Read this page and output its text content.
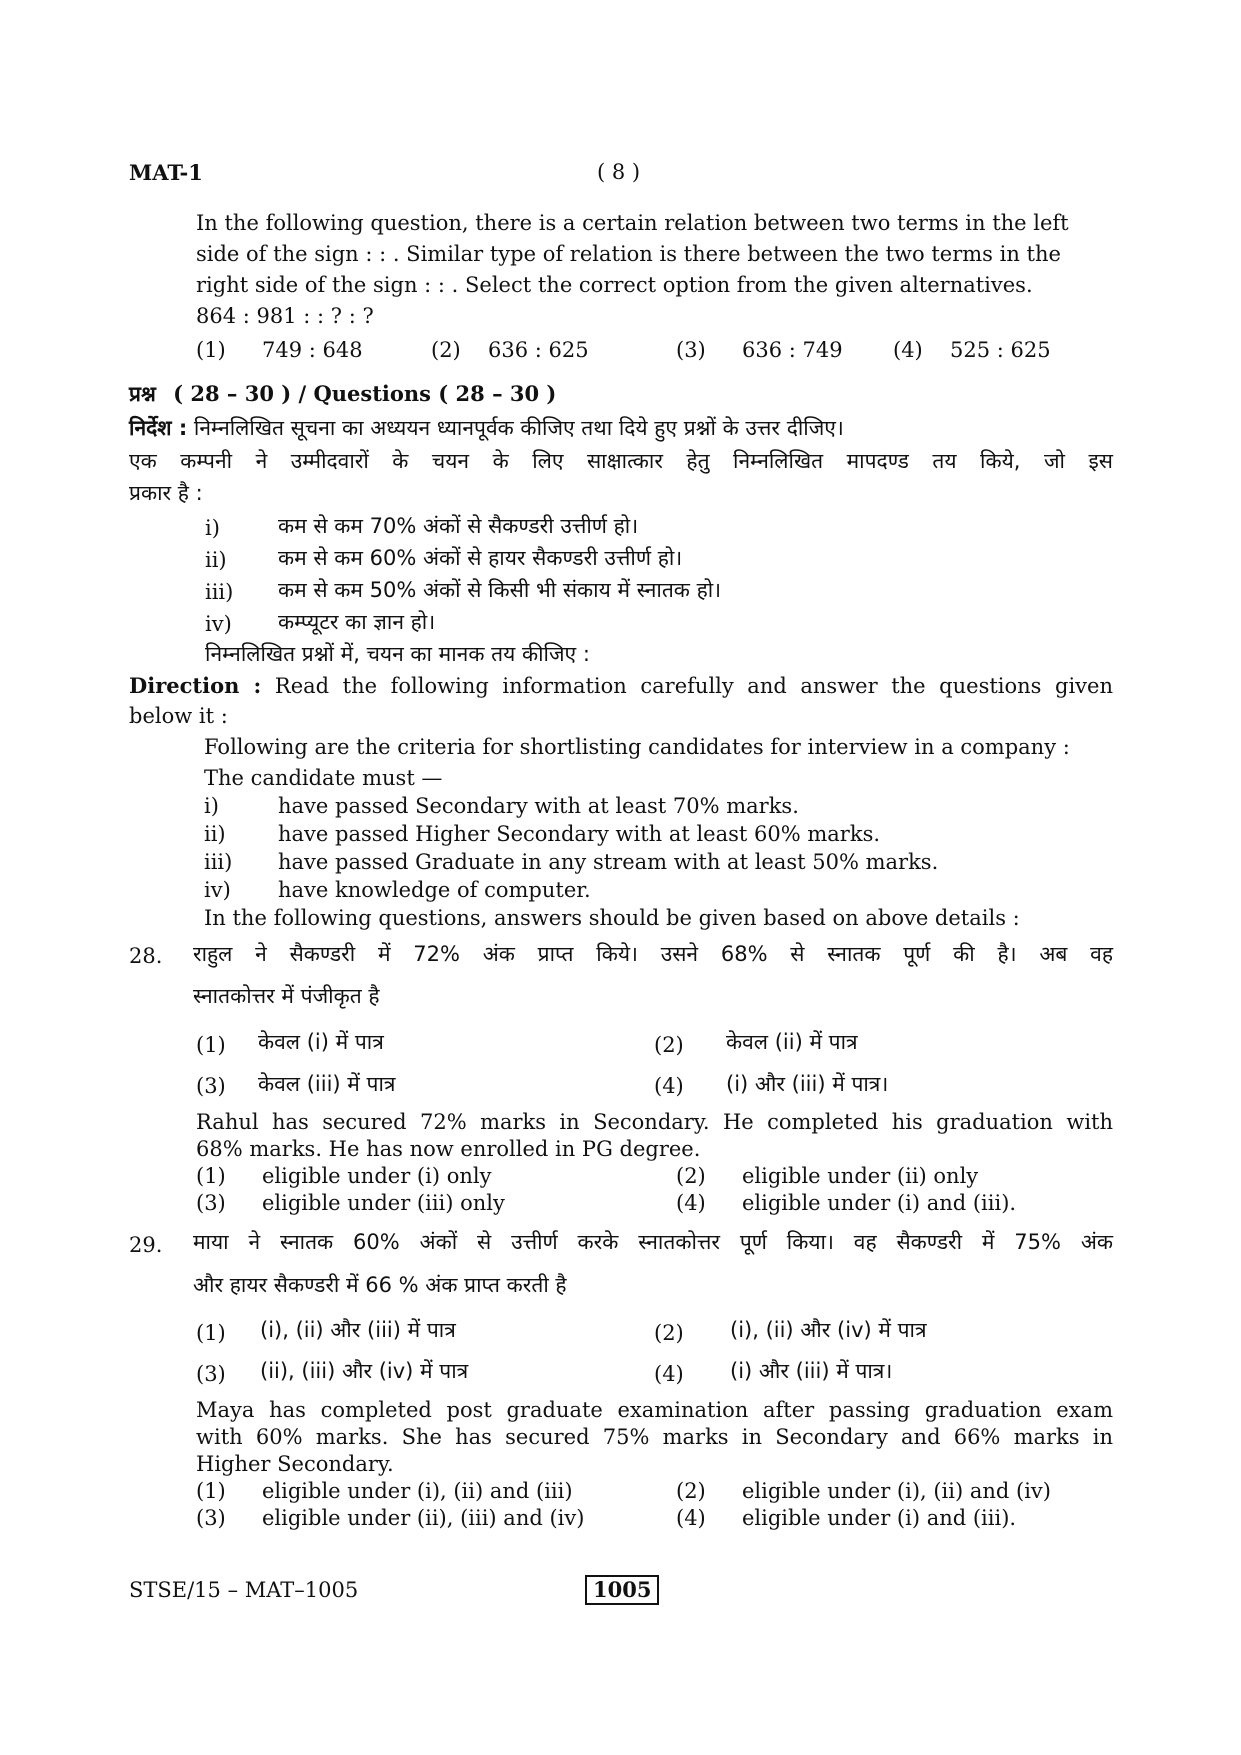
MAT-1	( 8 )
In the following question, there is a certain relation between two terms in the left
side of the sign : : . Similar type of relation is there between the two terms in the
right side of the sign : : . Select the correct option from the given alternatives.
864 : 981 : : ? : ?
(1) 749 : 648	(2) 636 : 625	(3) 636 : 749 (4) 525 : 625
प्रश्न ( 28 – 30 ) / Questions ( 28 – 30 )
निर्देश : निम्नलिखित सूचना का अध्ययन ध्यानपूर्वक कीजिए तथा दिये हुए प्रश्नों के उत्तर दीजिए।
एक कम्पनी ने उम्मीदवारों के चयन के लिए साक्षात्कार हेतु निम्नलिखित मापदण्ड तय किये, जो इस
प्रकार है :
i)	कम से कम 70% अंकों से सैकण्डरी उत्तीर्ण हो।
ii) कम से कम 60% अंकों से हायर सैकण्डरी उत्तीर्ण हो।
iii) कम से कम 50% अंकों से किसी भी संकाय में स्नातक हो।
iv) कम्प्यूटर का ज्ञान हो।
निम्नलिखित प्रश्नों में, चयन का मानक तय कीजिए :
Direction : Read the following information carefully and answer the questions given
below it :
Following are the criteria for shortlisting candidates for interview in a company :
The candidate must —
i)	have passed Secondary with at least 70% marks.
ii) have passed Higher Secondary with at least 60% marks.
iii) have passed Graduate in any stream with at least 50% marks.
iv) have knowledge of computer.
In the following questions, answers should be given based on above details :
28. राहुल ने सैकण्डरी में 72% अंक प्राप्त किये। उसने 68% से स्नातक पूर्ण की है। अब वह
स्नातकोत्तर में पंजीकृत है
(1) केवल (i) में पात्र	(2) केवल (ii) में पात्र
(3) केवल (iii) में पात्र	(4) (i) और (iii) में पात्र।
Rahul has secured 72% marks in Secondary. He completed his graduation with
68% marks. He has now enrolled in PG degree.
(1) eligible under (i) only	(2) eligible under (ii) only
(3) eligible under (iii) only	(4) eligible under (i) and (iii).
29. माया ने स्नातक 60% अंकों से उत्तीर्ण करके स्नातकोत्तर पूर्ण किया। वह सैकण्डरी में 75% अंक
और हायर सैकण्डरी में 66 % अंक प्राप्त करती है
(1) (i), (ii) और (iii) में पात्र	(2) (i), (ii) और (iv) में पात्र
(3) (ii), (iii) और (iv) में पात्र	(4) (i) और (iii) में पात्र।
Maya has completed post graduate examination after passing graduation exam
with 60% marks. She has secured 75% marks in Secondary and 66% marks in
Higher Secondary.
(1) eligible under (i), (ii) and (iii)	(2) eligible under (i), (ii) and (iv)
(3) eligible under (ii), (iii) and (iv)	(4) eligible under (i) and (iii).
STSE/15 – MAT–1005	1005
